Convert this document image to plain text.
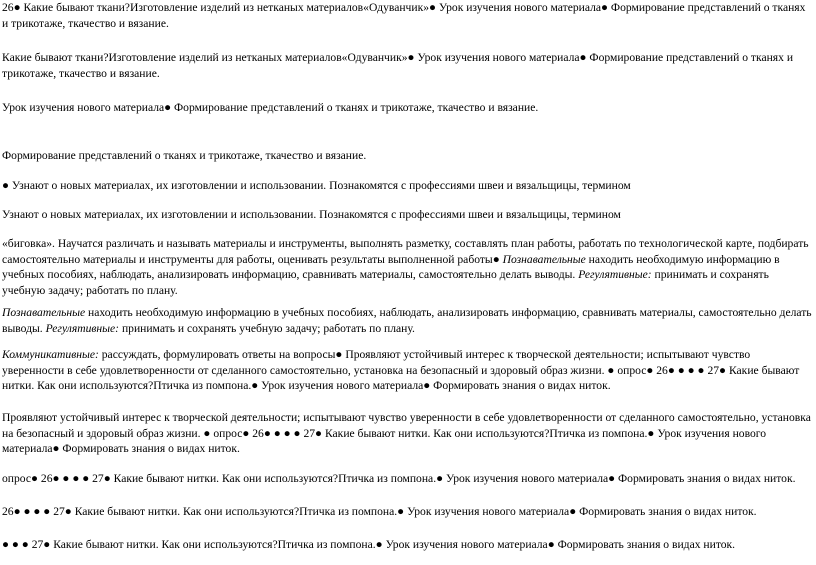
26● Какие бывают ткани?Изготовление изделий из нетканых материалов«Одуванчик»● Урок изучения нового материала● Формирование представлений о тканях и трикотаже, ткачество и вязание.

Какие бывают ткани?Изготовление изделий из нетканых материалов«Одуванчик»● Урок изучения нового материала● Формирование представлений о тканях и трикотаже, ткачество и вязание.

Урок изучения нового материала● Формирование представлений о тканях и трикотаже, ткачество и вязание.

Формирование представлений о тканях и трикотаже, ткачество и вязание.

● Узнают о новых материалах, их изготовлении и использовании. Познакомятся с профессиями швеи и вязальщицы, термином

Узнают о новых материалах, их изготовлении и использовании. Познакомятся с профессиями швеи и вязальщицы, термином

«биговка». Научатся различать и называть материалы и инструменты, выполнять разметку, составлять план работы, работать по технологической карте, подбирать самостоятельно материалы и инструменты для работы, оценивать результаты выполненной работы● Познавательные находить необходимую информацию в учебных пособиях, наблюдать, анализировать информацию, сравнивать материалы, самостоятельно делать выводы. Регулятивные: принимать и сохранять учебную задачу; работать по плану.

Познавательные находить необходимую информацию в учебных пособиях, наблюдать, анализировать информацию, сравнивать материалы, самостоятельно делать выводы. Регулятивные: принимать и сохранять учебную задачу; работать по плану.

Коммуникативные: рассуждать, формулировать ответы на вопросы● Проявляют устойчивый интерес к творческой деятельности; испытывают чувство уверенности в себе удовлетворенности от сделанного самостоятельно, установка на безопасный и здоровый образ жизни. ● опрос● 26● ● ● ● 27● Какие бывают нитки. Как они используются?Птичка из помпона.● Урок изучения нового материала● Формировать знания о видах ниток.

Проявляют устойчивый интерес к творческой деятельности; испытывают чувство уверенности в себе удовлетворенности от сделанного самостоятельно, установка на безопасный и здоровый образ жизни. ● опрос● 26● ● ● ● 27● Какие бывают нитки. Как они используются?Птичка из помпона.● Урок изучения нового материала● Формировать знания о видах ниток.

опрос● 26● ● ● ● 27● Какие бывают нитки. Как они используются?Птичка из помпона.● Урок изучения нового материала● Формировать знания о видах ниток.

26● ● ● ● 27● Какие бывают нитки. Как они используются?Птичка из помпона.● Урок изучения нового материала● Формировать знания о видах ниток.

● ● ● 27● Какие бывают нитки. Как они используются?Птичка из помпона.● Урок изучения нового материала● Формировать знания о видах ниток.
